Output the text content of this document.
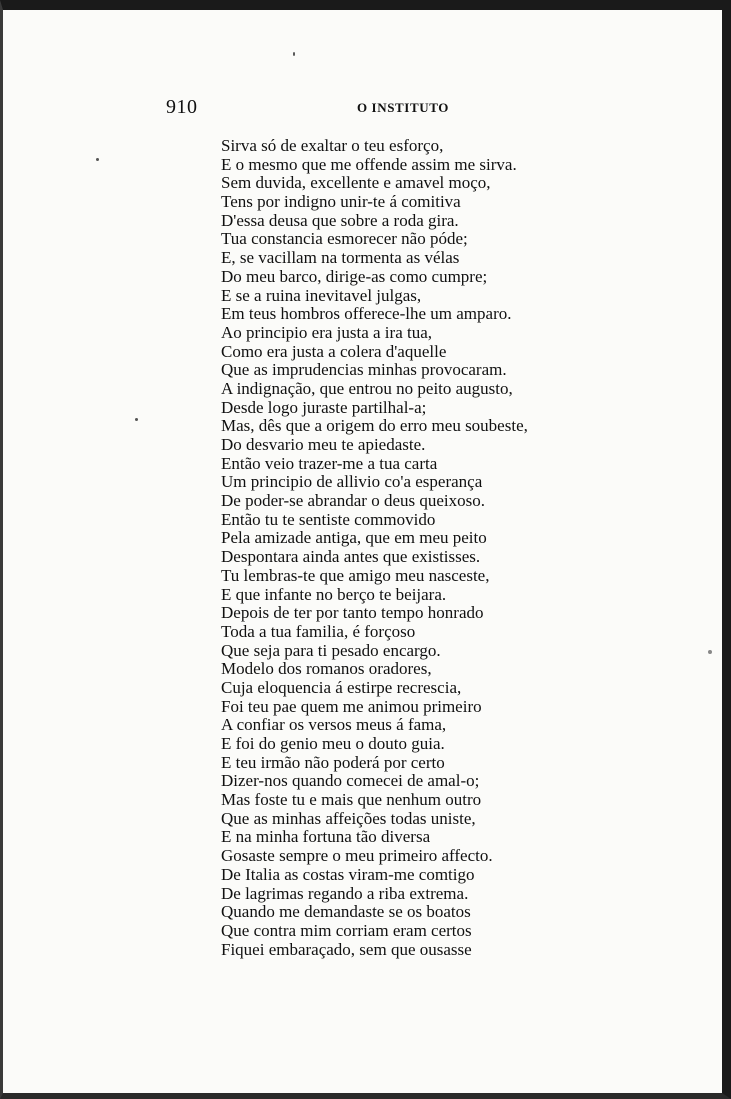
910	O INSTITUTO
Sirva só de exaltar o teu esforço,
E o mesmo que me offende assim me sirva.
Sem duvida, excellente e amavel moço,
Tens por indigno unir-te á comitiva
D'essa deusa que sobre a roda gira.
Tua constancia esmorecer não póde;
E, se vacillam na tormenta as vélas
Do meu barco, dirige-as como cumpre;
E se a ruina inevitavel julgas,
Em teus hombros offerece-lhe um amparo.
Ao principio era justa a ira tua,
Como era justa a colera d'aquelle
Que as imprudencias minhas provocaram.
A indignação, que entrou no peito augusto,
Desde logo juraste partilhal-a;
Mas, dês que a origem do erro meu soubeste,
Do desvario meu te apiedaste.
Então veio trazer-me a tua carta
Um principio de allivio co'a esperança
De poder-se abrandar o deus queixoso.
Então tu te sentiste commovido
Pela amizade antiga, que em meu peito
Despontara ainda antes que existisses.
Tu lembras-te que amigo meu nasceste,
E que infante no berço te beijara.
Depois de ter por tanto tempo honrado
Toda a tua familia, é forçoso
Que seja para ti pesado encargo.
Modelo dos romanos oradores,
Cuja eloquencia á estirpe recrescia,
Foi teu pae quem me animou primeiro
A confiar os versos meus á fama,
E foi do genio meu o douto guia.
E teu irmão não poderá por certo
Dizer-nos quando comecei de amal-o;
Mas foste tu e mais que nenhum outro
Que as minhas affeições todas uniste,
E na minha fortuna tão diversa
Gosaste sempre o meu primeiro affecto.
De Italia as costas viram-me comtigo
De lagrimas regando a riba extrema.
Quando me demandaste se os boatos
Que contra mim corriam eram certos
Fiquei embaraçado, sem que ousasse
